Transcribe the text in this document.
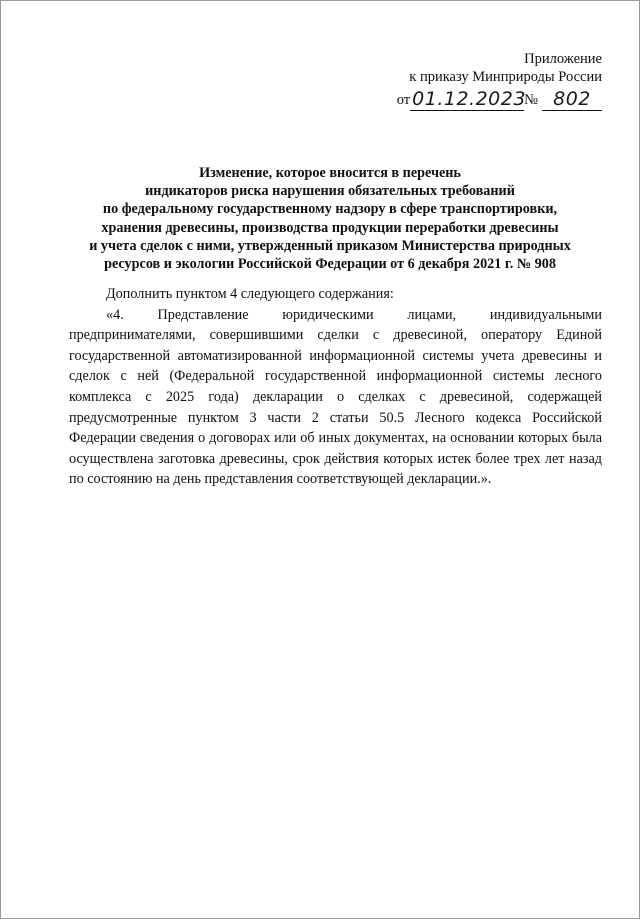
Приложение
к приказу Минприроды России
от 01.12.2023
№ 802
Изменение, которое вносится в перечень
индикаторов риска нарушения обязательных требований
по федеральному государственному надзору в сфере транспортировки,
хранения древесины, производства продукции переработки древесины
и учета сделок с ними, утвержденный приказом Министерства природных
ресурсов и экологии Российской Федерации от 6 декабря 2021 г. № 908

Дополнить пунктом 4 следующего содержания:

«4. Представление юридическими лицами, индивидуальными предпринимателями, совершившими сделки с древесиной, оператору Единой государственной автоматизированной информационной системы учета древесины и сделок с ней (Федеральной государственной информационной системы лесного комплекса с 2025 года) декларации о сделках с древесиной, содержащей предусмотренные пунктом 3 части 2 статьи 50.5 Лесного кодекса Российской Федерации сведения о договорах или об иных документах, на основании которых была осуществлена заготовка древесины, срок действия которых истек более трех лет назад по состоянию на день представления соответствующей декларации.».
